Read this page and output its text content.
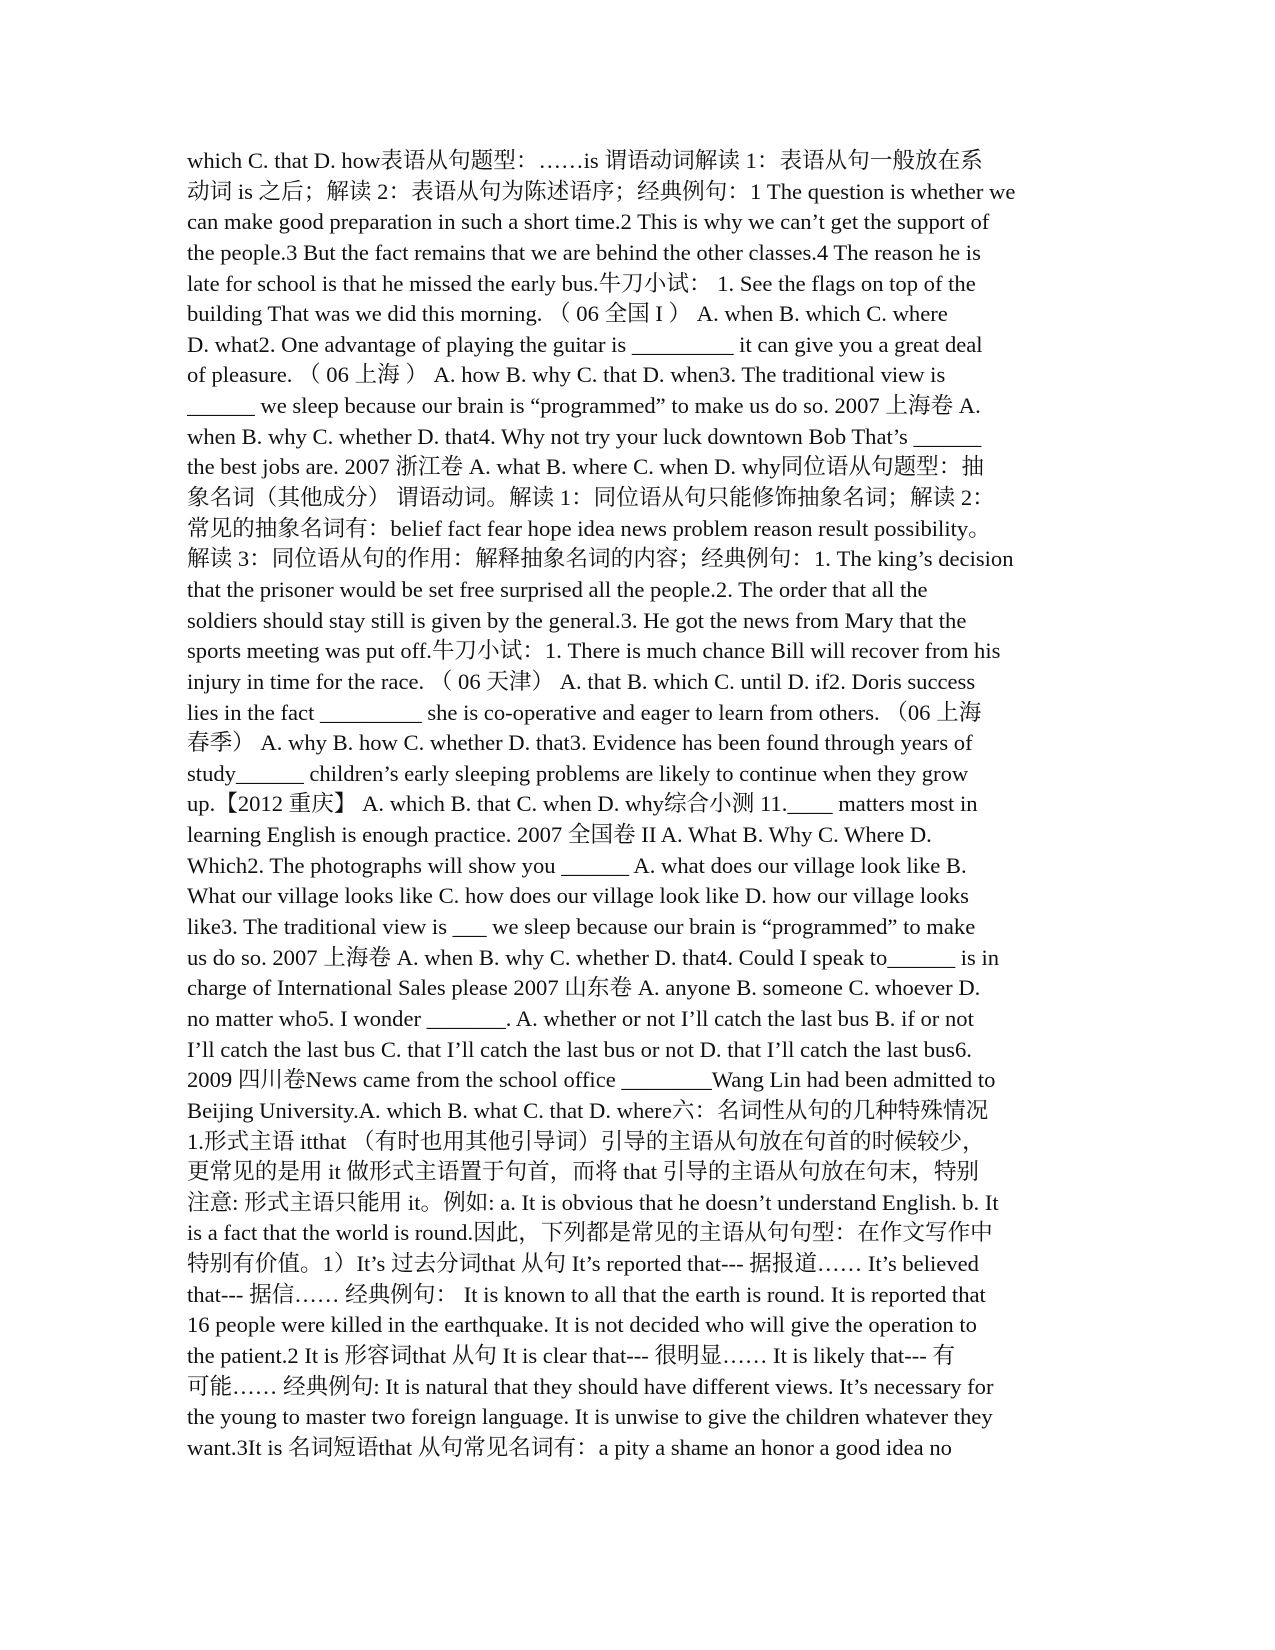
which C. that D. how表语从句题型：……is 谓语动词解读 1：表语从句一般放在系
动词 is 之后；解读 2：表语从句为陈述语序；经典例句：1 The question is whether we
can make good preparation in such a short time.2 This is why we can’t get the support of
the people.3 But the fact remains that we are behind the other classes.4 The reason he is
late for school is that he missed the early bus.牛刀小试： 1. See the flags on top of the
building That was we did this morning. （ 06 全国 I ） A. when B. which C. where
D. what2. One advantage of playing the guitar is _________ it can give you a great deal
of pleasure. （ 06 上海 ） A. how B. why C. that D. when3. The traditional view is
______ we sleep because our brain is “programmed” to make us do so. 2007 上海卷 A.
when B. why C. whether D. that4. Why not try your luck downtown Bob That’s ______
the best jobs are. 2007 浙江卷 A. what B. where C. when D. why同位语从句题型：抽
象名词（其他成分） 谓语动词。解读 1：同位语从句只能修饰抽象名词；解读 2：
常见的抽象名词有：belief fact fear hope idea news problem reason result possibility。
解读 3：同位语从句的作用：解释抽象名词的内容；经典例句：1. The king’s decision
that the prisoner would be set free surprised all the people.2. The order that all the
soldiers should stay still is given by the general.3. He got the news from Mary that the
sports meeting was put off.牛刀小试：1. There is much chance Bill will recover from his
injury in time for the race. （ 06 天津） A. that B. which C. until D. if2. Doris success
lies in the fact _________ she is co-operative and eager to learn from others. （06 上海
春季） A. why B. how C. whether D. that3. Evidence has been found through years of
study______ children’s early sleeping problems are likely to continue when they grow
up.【2012 重庆】 A. which B. that C. when D. why综合小测 11.____ matters most in
learning English is enough practice. 2007 全国卷 II A. What B. Why C. Where D.
Which2. The photographs will show you ______ A. what does our village look like B.
What our village looks like C. how does our village look like D. how our village looks
like3. The traditional view is ___ we sleep because our brain is “programmed” to make
us do so. 2007 上海卷 A. when B. why C. whether D. that4. Could I speak to______ is in
charge of International Sales please 2007 山东卷 A. anyone B. someone C. whoever D.
no matter who5. I wonder _______. A. whether or not I’ll catch the last bus B. if or not
I’ll catch the last bus C. that I’ll catch the last bus or not D. that I’ll catch the last bus6.
2009 四川卷News came from the school office ________Wang Lin had been admitted to
Beijing University.A. which B. what C. that D. where六：名词性从句的几种特殊情况
1.形式主语 itthat （有时也用其他引导词）引导的主语从句放在句首的时候较少，
更常见的是用 it 做形式主语置于句首，而将 that 引导的主语从句放在句末，特别
注意: 形式主语只能用 it。例如: a. It is obvious that he doesn’t understand English. b. It
is a fact that the world is round.因此，下列都是常见的主语从句句型：在作文写作中
特别有价值。1）It’s 过去分词that 从句 It’s reported that--- 据报道…… It’s believed
that--- 据信…… 经典例句： It is known to all that the earth is round. It is reported that
16 people were killed in the earthquake. It is not decided who will give the operation to
the patient.2 It is 形容词that 从句 It is clear that--- 很明显…… It is likely that--- 有
可能…… 经典例句: It is natural that they should have different views. It’s necessary for
the young to master two foreign language. It is unwise to give the children whatever they
want.3It is 名词短语that 从句常见名词有：a pity a shame an honor a good idea no
